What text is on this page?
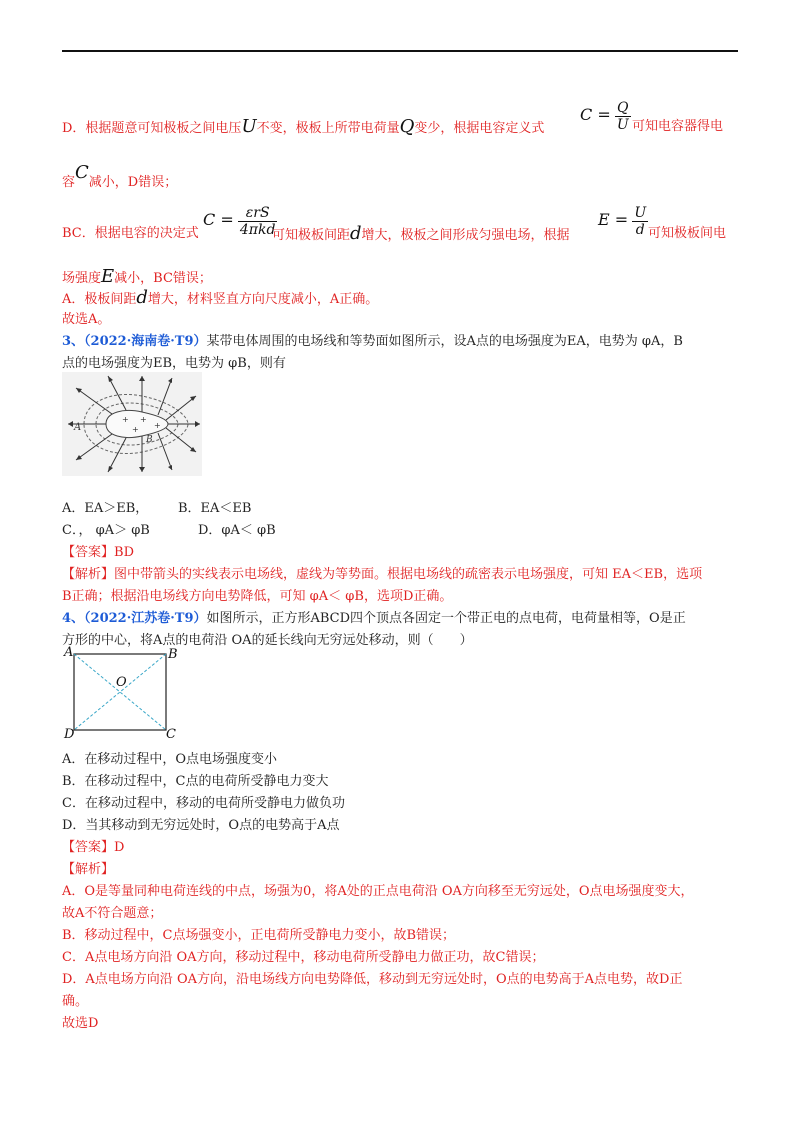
D．根据题意可知极板之间电压U不变，极板上所带电荷量Q变少，根据电容定义式
$C = \frac{Q}{U}$ 可知电容器得电
容C减小，D错误；
BC．根据电容的决定式
$C = \frac{\text{εrS}}{\text{4πkd}}$
可知极板间距d增大，极板之间形成匀强电场，根据
$E = \frac{U}{d}$ 可知极板间电
场强度E减小，BC错误；
A．极板间距d增大，材料竖直方向尺度减小，A正确。
故选A。
3、（2022·海南卷·T9）某带电体周围的电场线和等势面如图所示，设A点的电场强度为EA，电势为 φA，B
点的电场强度为EB，电势为 φB，则有
+ +
+
+
A
B
A．EA＞EB， B．EA＜EB
C．， φA＞ φB	D．φA＜ φB
【答案】BD
【解析】图中带箭头的实线表示电场线，虚线为等势面。根据电场线的疏密表示电场强度，可知 EA＜EB，选项
B正确；根据沿电场线方向电势降低，可知 φA＜ φB，选项D正确。
4、（2022·江苏卷·T9）如图所示，正方形ABCD四个顶点各固定一个带正电的点电荷，电荷量相等，O是正
方形的中心，将A点的电荷沿 OA的延长线向无穷远处移动，则（　　）
A	B
C
D
O
A．在移动过程中，O点电场强度变小
B．在移动过程中，C点的电荷所受静电力变大
C．在移动过程中，移动的电荷所受静电力做负功
D．当其移动到无穷远处时，O点的电势高于A点
【答案】D
【解析】
A．O是等量同种电荷连线的中点，场强为0，将A处的正点电荷沿 OA方向移至无穷远处，O点电场强度变大，
故A不符合题意；
B．移动过程中，C点场强变小，正电荷所受静电力变小，故B错误；
C．A点电场方向沿 OA方向，移动过程中，移动电荷所受静电力做正功，故C错误；
D．A点电场方向沿 OA方向，沿电场线方向电势降低，移动到无穷远处时，O点的电势高于A点电势，故D正
确。
故选D
